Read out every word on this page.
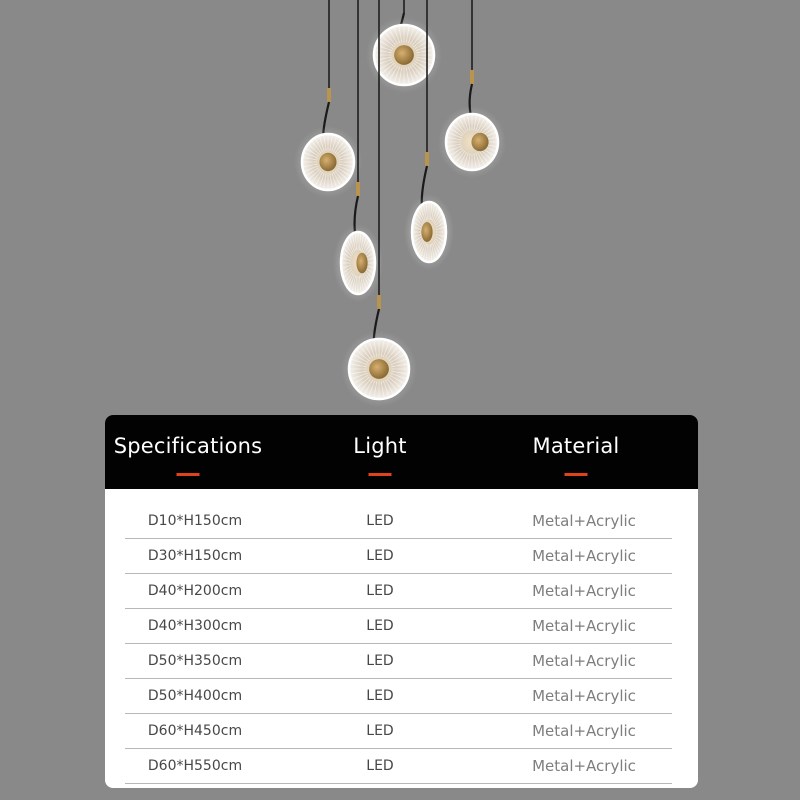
Specifications	Light	Material
D10*H150cm	LED	Metal+Acrylic
D30*H150cm	LED	Metal+Acrylic
D40*H200cm	LED	Metal+Acrylic
D40*H300cm	LED	Metal+Acrylic
D50*H350cm	LED	Metal+Acrylic
D50*H400cm	LED	Metal+Acrylic
D60*H450cm	LED	Metal+Acrylic
D60*H550cm	LED	Metal+Acrylic
